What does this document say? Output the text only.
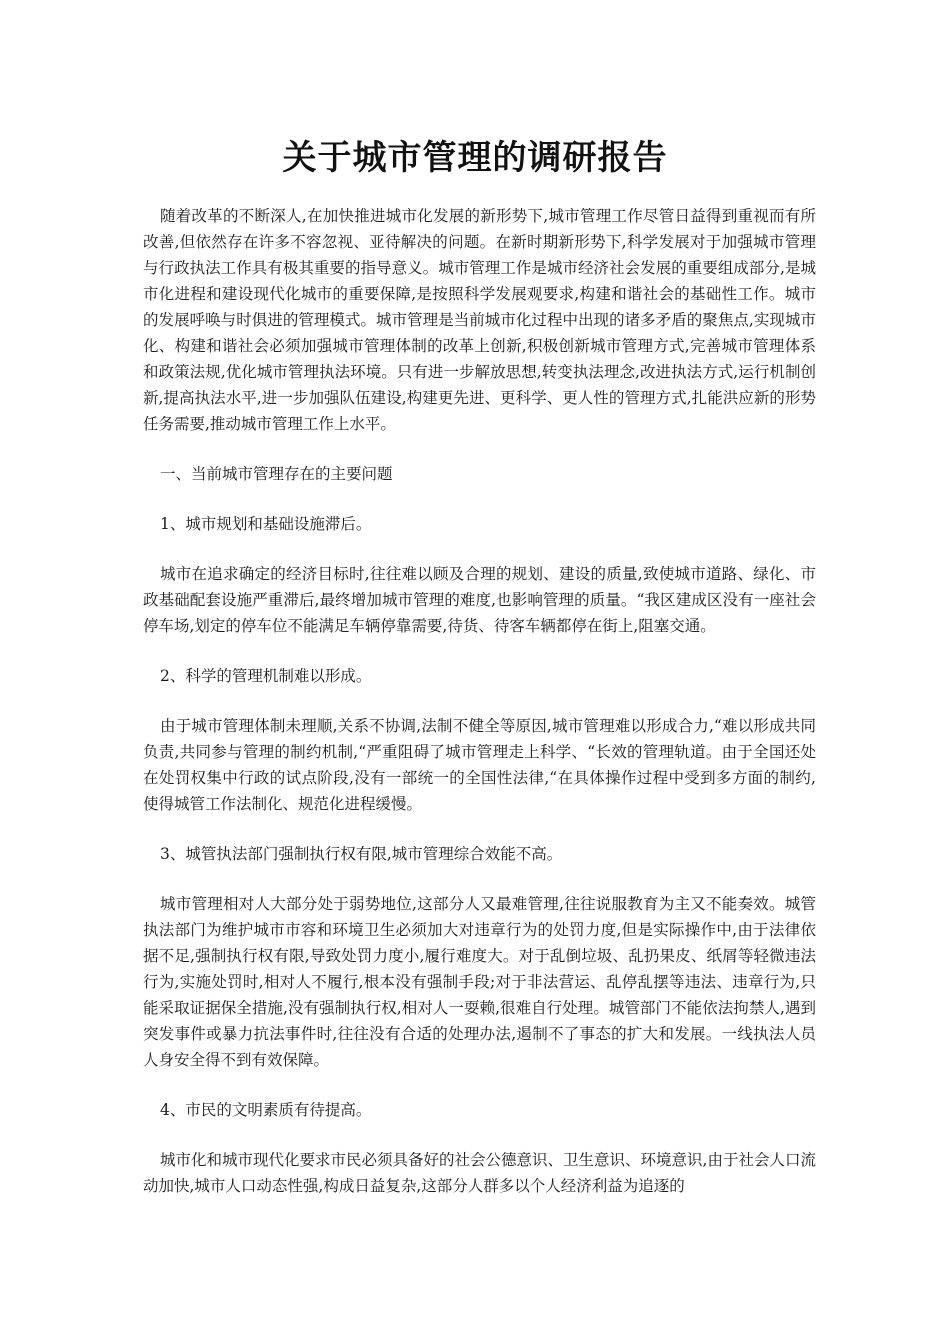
关于城市管理的调研报告

随着改革的不断深人,在加快推进城市化发展的新形势下,城市管理工作尽管日益得到重视而有所改善,但依然存在许多不容忽视、亚待解决的问题。在新时期新形势下,科学发展对于加强城市管理与行政执法工作具有极其重要的指导意义。城市管理工作是城市经济社会发展的重要组成部分,是城市化进程和建设现代化城市的重要保障,是按照科学发展观要求,构建和谐社会的基础性工作。城市的发展呼唤与时俱进的管理模式。城市管理是当前城市化过程中出现的诸多矛盾的聚焦点,实现城市化、构建和谐社会必须加强城市管理体制的改革上创新,积极创新城市管理方式,完善城市管理体系和政策法规,优化城市管理执法环境。只有进一步解放思想,转变执法理念,改进执法方式,运行机制创新,提高执法水平,进一步加强队伍建设,构建更先进、更科学、更人性的管理方式,扎能洪应新的形势任务需要,推动城市管理工作上水平。

一、当前城市管理存在的主要问题

1、城市规划和基础设施滞后。

城市在追求确定的经济目标时,往往难以顾及合理的规划、建设的质量,致使城市道路、绿化、市政基础配套设施严重滞后,最终增加城市管理的难度,也影响管理的质量。“我区建成区没有一座社会停车场,划定的停车位不能满足车辆停靠需要,待货、待客车辆都停在街上,阻塞交通。

2、科学的管理机制难以形成。

由于城市管理体制未理顺,关系不协调,法制不健全等原因,城市管理难以形成合力,“难以形成共同负责,共同参与管理的制约机制,“严重阻碍了城市管理走上科学、“长效的管理轨道。由于全国还处在处罚权集中行政的试点阶段,没有一部统一的全国性法律,“在具体操作过程中受到多方面的制约,使得城管工作法制化、规范化进程缓慢。

3、城管执法部门强制执行权有限,城市管理综合效能不高。

城市管理相对人大部分处于弱势地位,这部分人又最难管理,往往说服教育为主又不能奏效。城管执法部门为维护城市市容和环境卫生必须加大对违章行为的处罚力度,但是实际操作中,由于法律依据不足,强制执行权有限,导致处罚力度小,履行难度大。对于乱倒垃圾、乱扔果皮、纸屑等轻微违法行为,实施处罚时,相对人不履行,根本没有强制手段;对于非法营运、乱停乱摆等违法、违章行为,只能采取证据保全措施,没有强制执行权,相对人一耍赖,很难自行处理。城管部门不能依法拘禁人,遇到突发事件或暴力抗法事件时,往往没有合适的处理办法,遏制不了事态的扩大和发展。一线执法人员人身安全得不到有效保障。

4、市民的文明素质有待提高。

城市化和城市现代化要求市民必须具备好的社会公德意识、卫生意识、环境意识,由于社会人口流动加快,城市人口动态性强,构成日益复杂,这部分人群多以个人经济利益为追逐的
